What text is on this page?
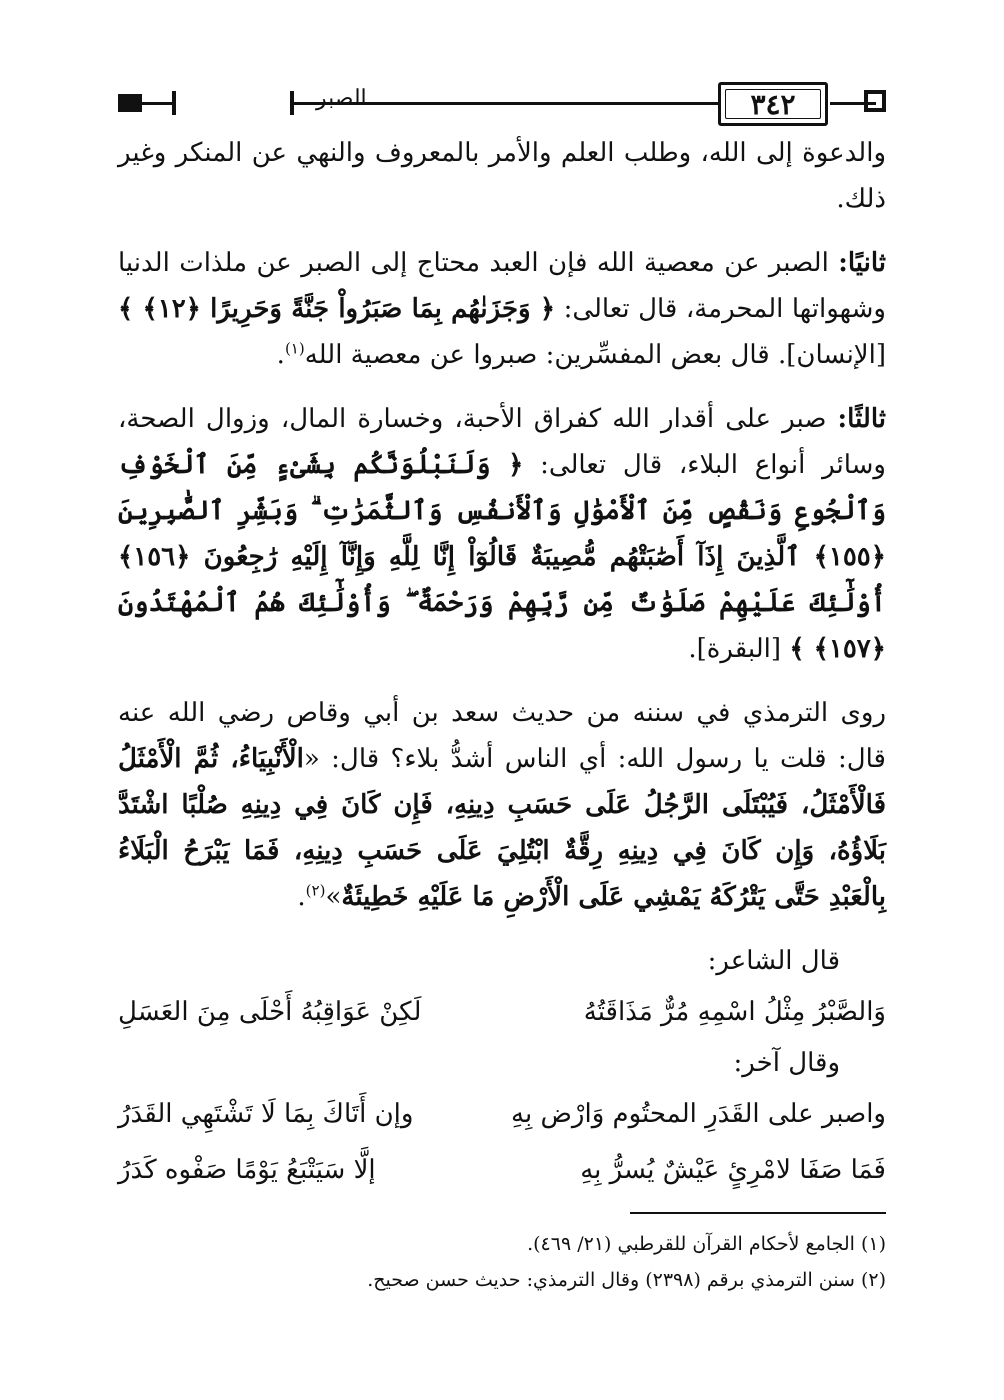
٣٤٢
الصبر

والدعوة إلى الله، وطلب العلم والأمر بالمعروف والنهي عن المنكر وغير ذلك.

ثانيًا: الصبر عن معصية الله فإن العبد محتاج إلى الصبر عن ملذات الدنيا وشهواتها المحرمة، قال تعالى: ﴿ وَجَزَنٰهُم بِمَا صَبَرُواْ جَنَّةً وَحَرِيرًا ﴿١٢﴾ ﴾ [الإنسان]. قال بعض المفسِّرين: صبروا عن معصية الله$^{(١)}$.

ثالثًا: صبر على أقدار الله كفراق الأحبة، وخسارة المال، وزوال الصحة، وسائر أنواع البلاء، قال تعالى: ﴿ وَلَنَبْلُوَنَّكُم بِشَىْءٍ مِّنَ ٱلْخَوْفِ وَٱلْجُوعِ وَنَقْصٍ مِّنَ ٱلْأَمْوَٰلِ وَٱلْأَنفُسِ وَٱلثَّمَرَٰتِ ۗ وَبَشِّرِ ٱلصَّٰبِرِينَ ﴿١٥٥﴾ ٱلَّذِينَ إِذَآ أَصَٰبَتْهُم مُّصِيبَةٌ قَالُوٓاْ إِنَّا لِلَّهِ وَإِنَّآ إِلَيْهِ رَٰجِعُونَ ﴿١٥٦﴾ أُوْلَٰٓئِكَ عَلَيْهِمْ صَلَوَٰتٌ مِّن رَّبِّهِمْ وَرَحْمَةٌ ۖ وَأُوْلَٰٓئِكَ هُمُ ٱلْمُهْتَدُونَ ﴿١٥٧﴾ ﴾ [البقرة].

روى الترمذي في سننه من حديث سعد بن أبي وقاص رضي الله عنه قال: قلت يا رسول الله: أي الناس أشدُّ بلاء؟ قال: «الْأَنْبِيَاءُ، ثُمَّ الْأَمْثَلُ فَالْأَمْثَلُ، فَيُبْتَلَى الرَّجُلُ عَلَى حَسَبِ دِينِهِ، فَإِن كَانَ فِي دِينِهِ صُلْبًا اشْتَدَّ بَلَاؤُهُ، وَإِن كَانَ فِي دِينِهِ رِقَّةٌ ابْتُلِيَ عَلَى حَسَبِ دِينِهِ، فَمَا يَبْرَحُ الْبَلَاءُ بِالْعَبْدِ حَتَّى يَتْرُكَهُ يَمْشِي عَلَى الْأَرْضِ مَا عَلَيْهِ خَطِيئَةٌ»$^{(٢)}$.

قال الشاعر:

وَالصَّبْرُ مِثْلُ اسْمِهِ مُرٌّ مَذَاقَتُهُ
لَكِنْ عَوَاقِبُهُ أَحْلَى مِنَ العَسَلِ

وقال آخر:

واصبر على القَدَرِ المحتُوم وَارْض بِهِ
وإن أَتَاكَ بِمَا لَا تَشْتَهِي القَدَرُ
فَمَا صَفَا لامْرِئٍ عَيْشٌ يُسرُّ بِهِ
إلَّا سَيَتْبَعُ يَوْمًا صَفْوه كَدَرُ

(١) الجامع لأحكام القرآن للقرطبي (٢١/ ٤٦٩).

(٢) سنن الترمذي برقم (٢٣٩٨) وقال الترمذي: حديث حسن صحيح.
